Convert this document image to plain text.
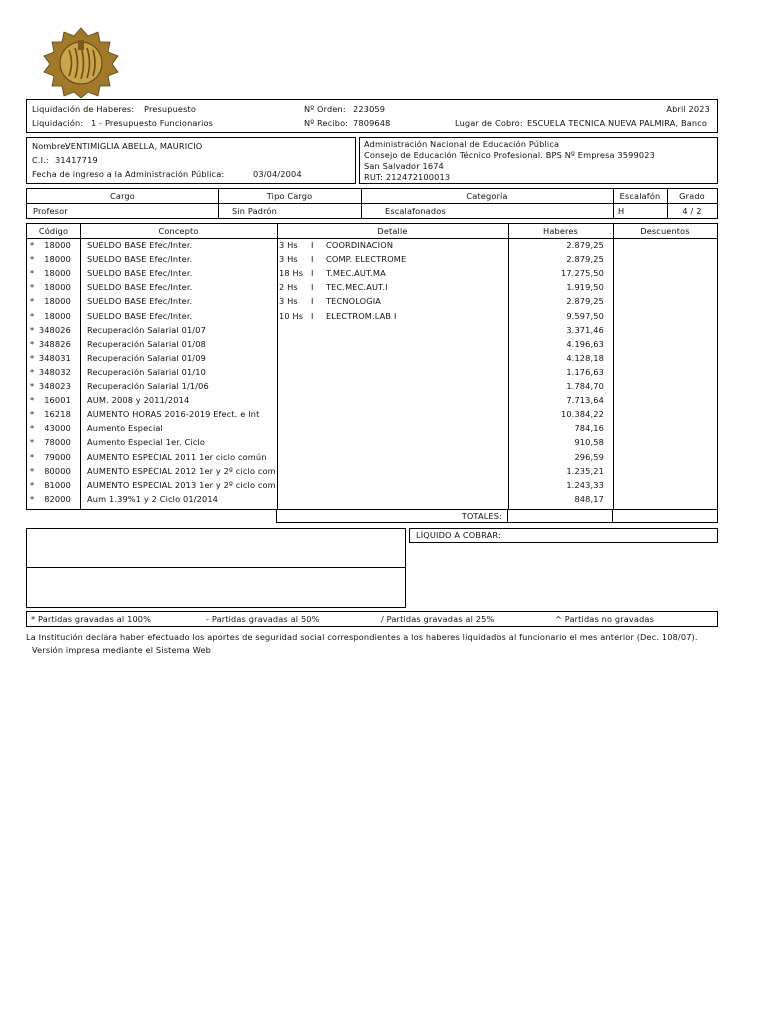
Liquidación de Haberes: Presupuesto	Nº Orden: 223059	Abril 2023
Liquidación: 1 - Presupuesto Funcionarios	Nº Recibo: 7809648	Lugar de Cobro: ESCUELA TECNICA NUEVA PALMIRA, Banco
Nombre:
VENTIMIGLIA ABELLA, MAURICIO
C.I.: 31417719
Fecha de ingreso a la Administración Pública:	03/04/2004
Administración Nacional de Educación Pública
Consejo de Educación Técnico Profesional. BPS Nº Empresa 3599023
San Salvador 1674
RUT: 212472100013
Cargo	Tipo Cargo	Categoría	Escalafón	Grado
Profesor	Sin Padrón	Escalafonados	H	4 / 2
Código	Concepto	Detalle	Haberes	Descuentos
*	18000 SUELDO BASE Efec/Inter.	3 Hs I COORDINACION	2.879,25
*	18000 SUELDO BASE Efec/Inter.	3 Hs I COMP. ELECTROME	2.879,25
*	18000 SUELDO BASE Efec/Inter.	18 Hs I T.MEC.AUT.MA	17.275,50
*	18000 SUELDO BASE Efec/Inter.	2 Hs I TEC.MEC.AUT.I	1.919,50
*	18000 SUELDO BASE Efec/Inter.	3 Hs I TECNOLOGIA	2.879,25
*	18000 SUELDO BASE Efec/Inter.	10 Hs I ELECTROM.LAB I	9.597,50
* 348026 Recuperación Salarial 01/07	3.371,46
* 348826 Recuperación Salarial 01/08	4.196,63
* 348031 Recuperación Salarial 01/09	4.128,18
* 348032 Recuperación Salarial 01/10	1.176,63
* 348023 Recuperación Salarial 1/1/06	1.784,70
*	16001 AUM. 2008 y 2011/2014	7.713,64
*	16218 AUMENTO HORAS 2016-2019 Efect. e Int	10.384,22
*	43000 Aumento Especial	784,16
*	78000 Aumento Especial 1er. Ciclo	910,58
*	79000 AUMENTO ESPECIAL 2011 1er ciclo común	296,59
*	80000 AUMENTO ESPECIAL 2012 1er y 2º ciclo com	1.235,21
*	81000 AUMENTO ESPECIAL 2013 1er y 2º ciclo com	1.243,33
*	82000 Aum 1.39%1 y 2 Ciclo 01/2014	848,17
TOTALES:
LÍQUIDO A COBRAR:
* Partidas gravadas al 100%	- Partidas gravadas al 50%	/ Partidas gravadas al 25%	^ Partidas no gravadas
La Institución declara haber efectuado los aportes de seguridad social correspondientes a los haberes liquidados al funcionario el mes anterior (Dec. 108/07).
Versión impresa mediante el Sistema Web
